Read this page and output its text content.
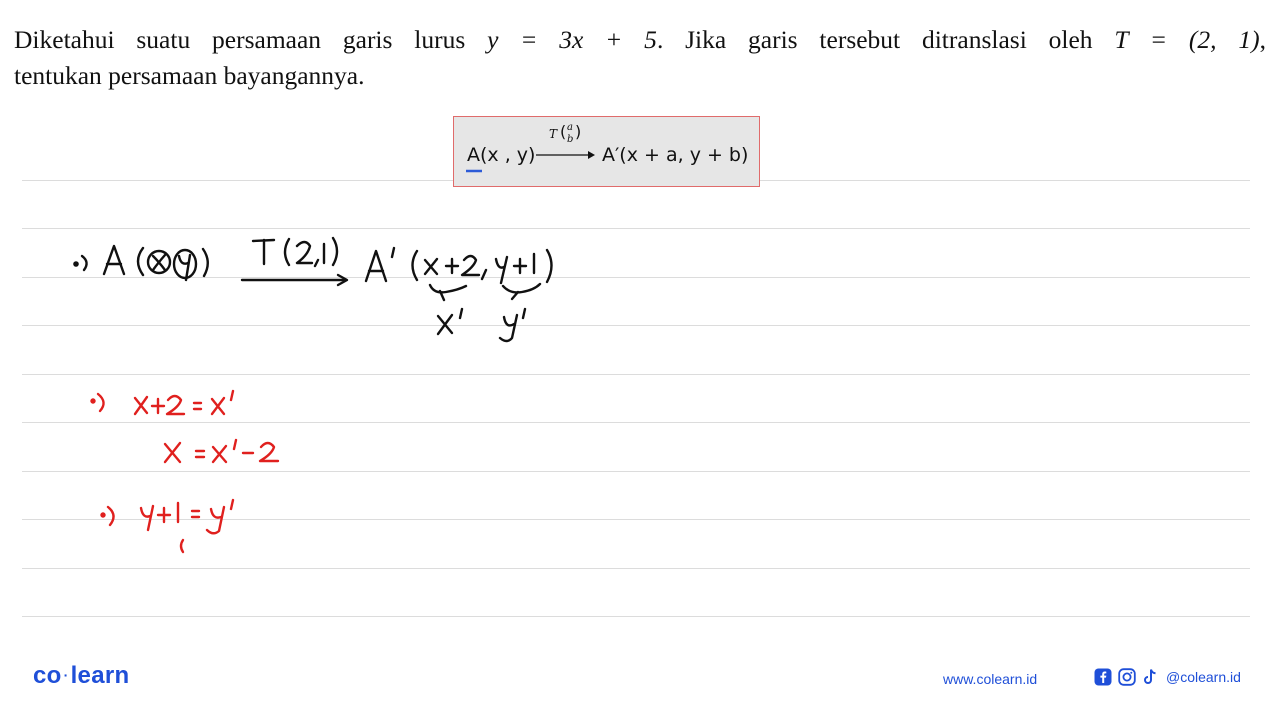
Diketahui suatu persamaan garis lurus y = 3x + 5. Jika garis tersebut ditranslasi oleh T = (2, 1),
tentukan persamaan bayangannya.
A(x , y)
T ( a
b )
A′(x + a, y + b)
co ·learn	www.colearn.id	@colearn.id
